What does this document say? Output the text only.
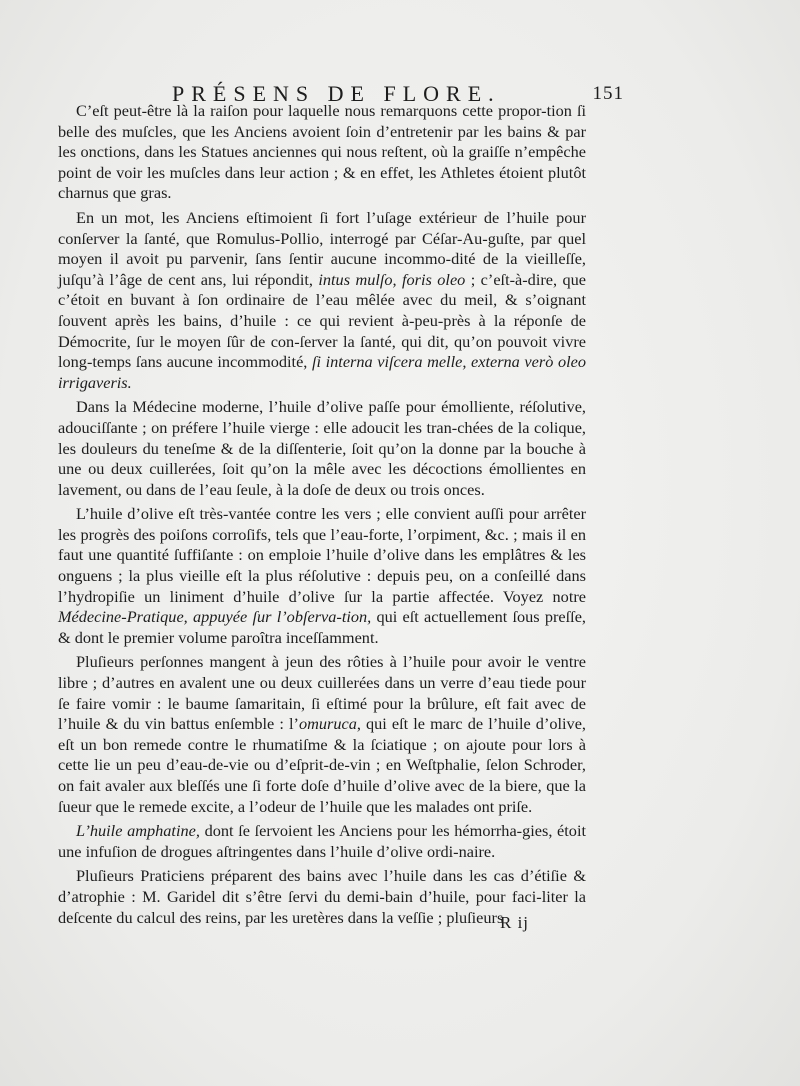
PRÉSENS DE FLORE.	151

C’eſt peut-être là la raiſon pour laquelle nous remarquons cette propor-tion ſi belle des muſcles, que les Anciens avoient ſoin d’entretenir par les bains & par les onctions, dans les Statues anciennes qui nous reſtent, où la graiſſe n’empêche point de voir les muſcles dans leur action ; & en effet, les Athletes étoient plutôt charnus que gras.

En un mot, les Anciens eſtimoient ſi fort l’uſage extérieur de l’huile pour conſerver la ſanté, que Romulus-Pollio, interrogé par Céſar-Au-guſte, par quel moyen il avoit pu parvenir, ſans ſentir aucune incommo-dité de la vieilleſſe, juſqu’à l’âge de cent ans, lui répondit, intus mulſo, foris oleo ; c’eſt-à-dire, que c’étoit en buvant à ſon ordinaire de l’eau mêlée avec du meil, & s’oignant ſouvent après les bains, d’huile : ce qui revient à-peu-près à la réponſe de Démocrite, ſur le moyen ſûr de con-ſerver la ſanté, qui dit, qu’on pouvoit vivre long-temps ſans aucune incommodité, ſi interna viſcera melle, externa verò oleo irrigaveris.

Dans la Médecine moderne, l’huile d’olive paſſe pour émolliente, réſolutive, adouciſſante ; on préfere l’huile vierge : elle adoucit les tran-chées de la colique, les douleurs du teneſme & de la diſſenterie, ſoit qu’on la donne par la bouche à une ou deux cuillerées, ſoit qu’on la mêle avec les décoctions émollientes en lavement, ou dans de l’eau ſeule, à la doſe de deux ou trois onces.

L’huile d’olive eſt très-vantée contre les vers ; elle convient auſſi pour arrêter les progrès des poiſons corroſifs, tels que l’eau-forte, l’orpiment, &c. ; mais il en faut une quantité ſuffiſante : on emploie l’huile d’olive dans les emplâtres & les onguens ; la plus vieille eſt la plus réſolutive : depuis peu, on a conſeillé dans l’hydropiſie un liniment d’huile d’olive ſur la partie affectée. Voyez notre Médecine-Pratique, appuyée ſur l’obſerva-tion, qui eſt actuellement ſous preſſe, & dont le premier volume paroîtra inceſſamment.

Pluſieurs perſonnes mangent à jeun des rôties à l’huile pour avoir le ventre libre ; d’autres en avalent une ou deux cuillerées dans un verre d’eau tiede pour ſe faire vomir : le baume ſamaritain, ſi eſtimé pour la brûlure, eſt fait avec de l’huile & du vin battus enſemble : l’omuruca, qui eſt le marc de l’huile d’olive, eſt un bon remede contre le rhumatiſme & la ſciatique ; on ajoute pour lors à cette lie un peu d’eau-de-vie ou d’eſprit-de-vin ; en Weſtphalie, ſelon Schroder, on fait avaler aux bleſſés une ſi forte doſe d’huile d’olive avec de la biere, que la ſueur que le remede excite, a l’odeur de l’huile que les malades ont priſe.

L’huile amphatine, dont ſe ſervoient les Anciens pour les hémorrha-gies, étoit une infuſion de drogues aſtringentes dans l’huile d’olive ordi-naire.

Pluſieurs Praticiens préparent des bains avec l’huile dans les cas d’étiſie & d’atrophie : M. Garidel dit s’être ſervi du demi-bain d’huile, pour faci-liter la deſcente du calcul des reins, par les uretères dans la veſſie ; pluſieurs

R ij
